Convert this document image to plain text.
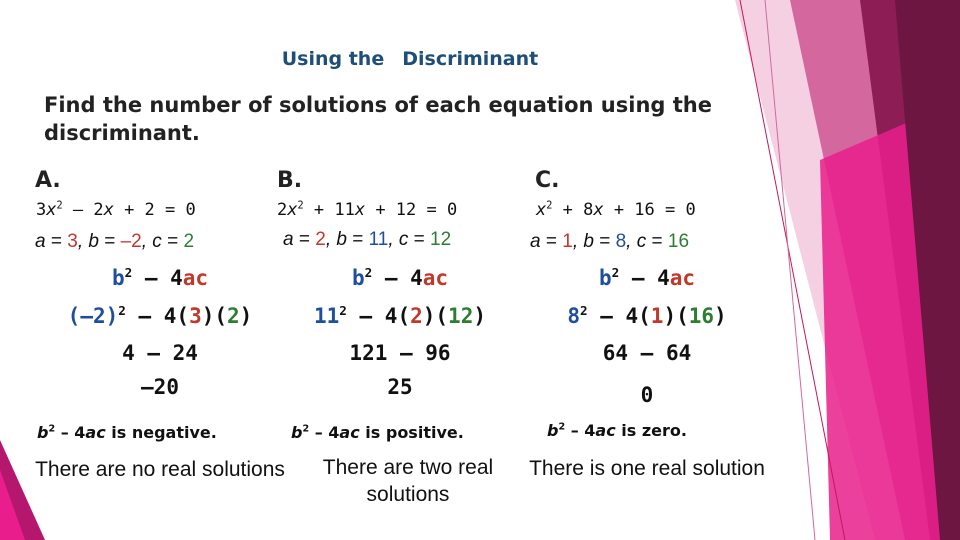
Using the Discriminant
Find the number of solutions of each equation using the discriminant.
A.
$3x^2 - 2x + 2 = 0$
a = 3, b = –2, c = 2
$b^2 - 4ac$
$(-2)^2 - 4(3)(2)$
4 – 24
–20
$b^2 - 4ac$ is negative.
There are no real solutions
B.
$2x^2 + 11x + 12 = 0$
a = 2, b = 11, c = 12
$b^2 - 4ac$
$11^2 - 4(2)(12)$
121 – 96
25
$b^2 - 4ac$ is positive.
There are two real solutions
C.
$x^2 + 8x + 16 = 0$
a = 1, b = 8, c = 16
$b^2 - 4ac$
$8^2 - 4(1)(16)$
64 – 64
0
$b^2 - 4ac$ is zero.
There is one real solution
